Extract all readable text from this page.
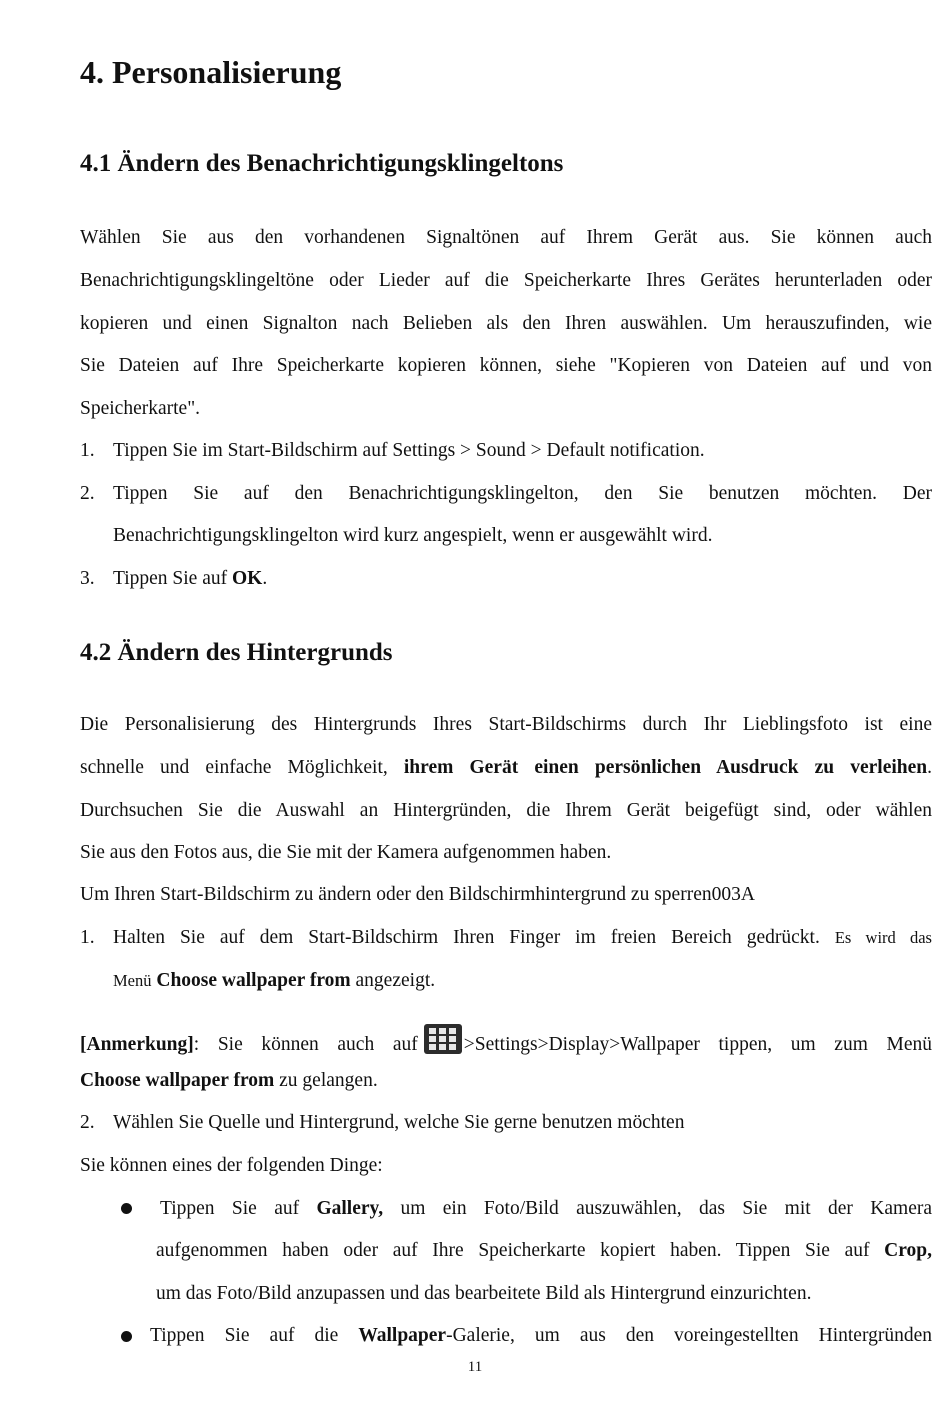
4. Personalisierung
4.1 Ändern des Benachrichtigungsklingeltons
Wählen Sie aus den vorhandenen Signaltönen auf Ihrem Gerät aus. Sie können auch
Benachrichtigungsklingeltöne oder Lieder auf die Speicherkarte Ihres Gerätes herunterladen oder
kopieren und einen Signalton nach Belieben als den Ihren auswählen. Um herauszufinden, wie
Sie Dateien auf Ihre Speicherkarte kopieren können, siehe "Kopieren von Dateien auf und von
Speicherkarte".
1. Tippen Sie im Start-Bildschirm auf Settings > Sound > Default notification.
2. Tippen Sie auf den Benachrichtigungsklingelton, den Sie benutzen möchten. Der
Benachrichtigungsklingelton wird kurz angespielt, wenn er ausgewählt wird.
3. Tippen Sie auf OK.
4.2 Ändern des Hintergrunds
Die Personalisierung des Hintergrunds Ihres Start-Bildschirms durch Ihr Lieblingsfoto ist eine
schnelle und einfache Möglichkeit, ihrem Gerät einen persönlichen Ausdruck zu verleihen.
Durchsuchen Sie die Auswahl an Hintergründen, die Ihrem Gerät beigefügt sind, oder wählen
Sie aus den Fotos aus, die Sie mit der Kamera aufgenommen haben.
Um Ihren Start-Bildschirm zu ändern oder den Bildschirmhintergrund zu sperren003A
1. Halten Sie auf dem Start-Bildschirm Ihren Finger im freien Bereich gedrückt. Es wird das
Menü Choose wallpaper from angezeigt.
[Anmerkung]: Sie können auch auf >Settings>Display>Wallpaper tippen, um zum Menü
Choose wallpaper from zu gelangen.
2. Wählen Sie Quelle und Hintergrund, welche Sie gerne benutzen möchten
Sie können eines der folgenden Dinge:
Tippen Sie auf Gallery, um ein Foto/Bild auszuwählen, das Sie mit der Kamera
aufgenommen haben oder auf Ihre Speicherkarte kopiert haben. Tippen Sie auf Crop,
um das Foto/Bild anzupassen und das bearbeitete Bild als Hintergrund einzurichten.
Tippen Sie auf die Wallpaper-Galerie, um aus den voreingestellten Hintergründen
11
